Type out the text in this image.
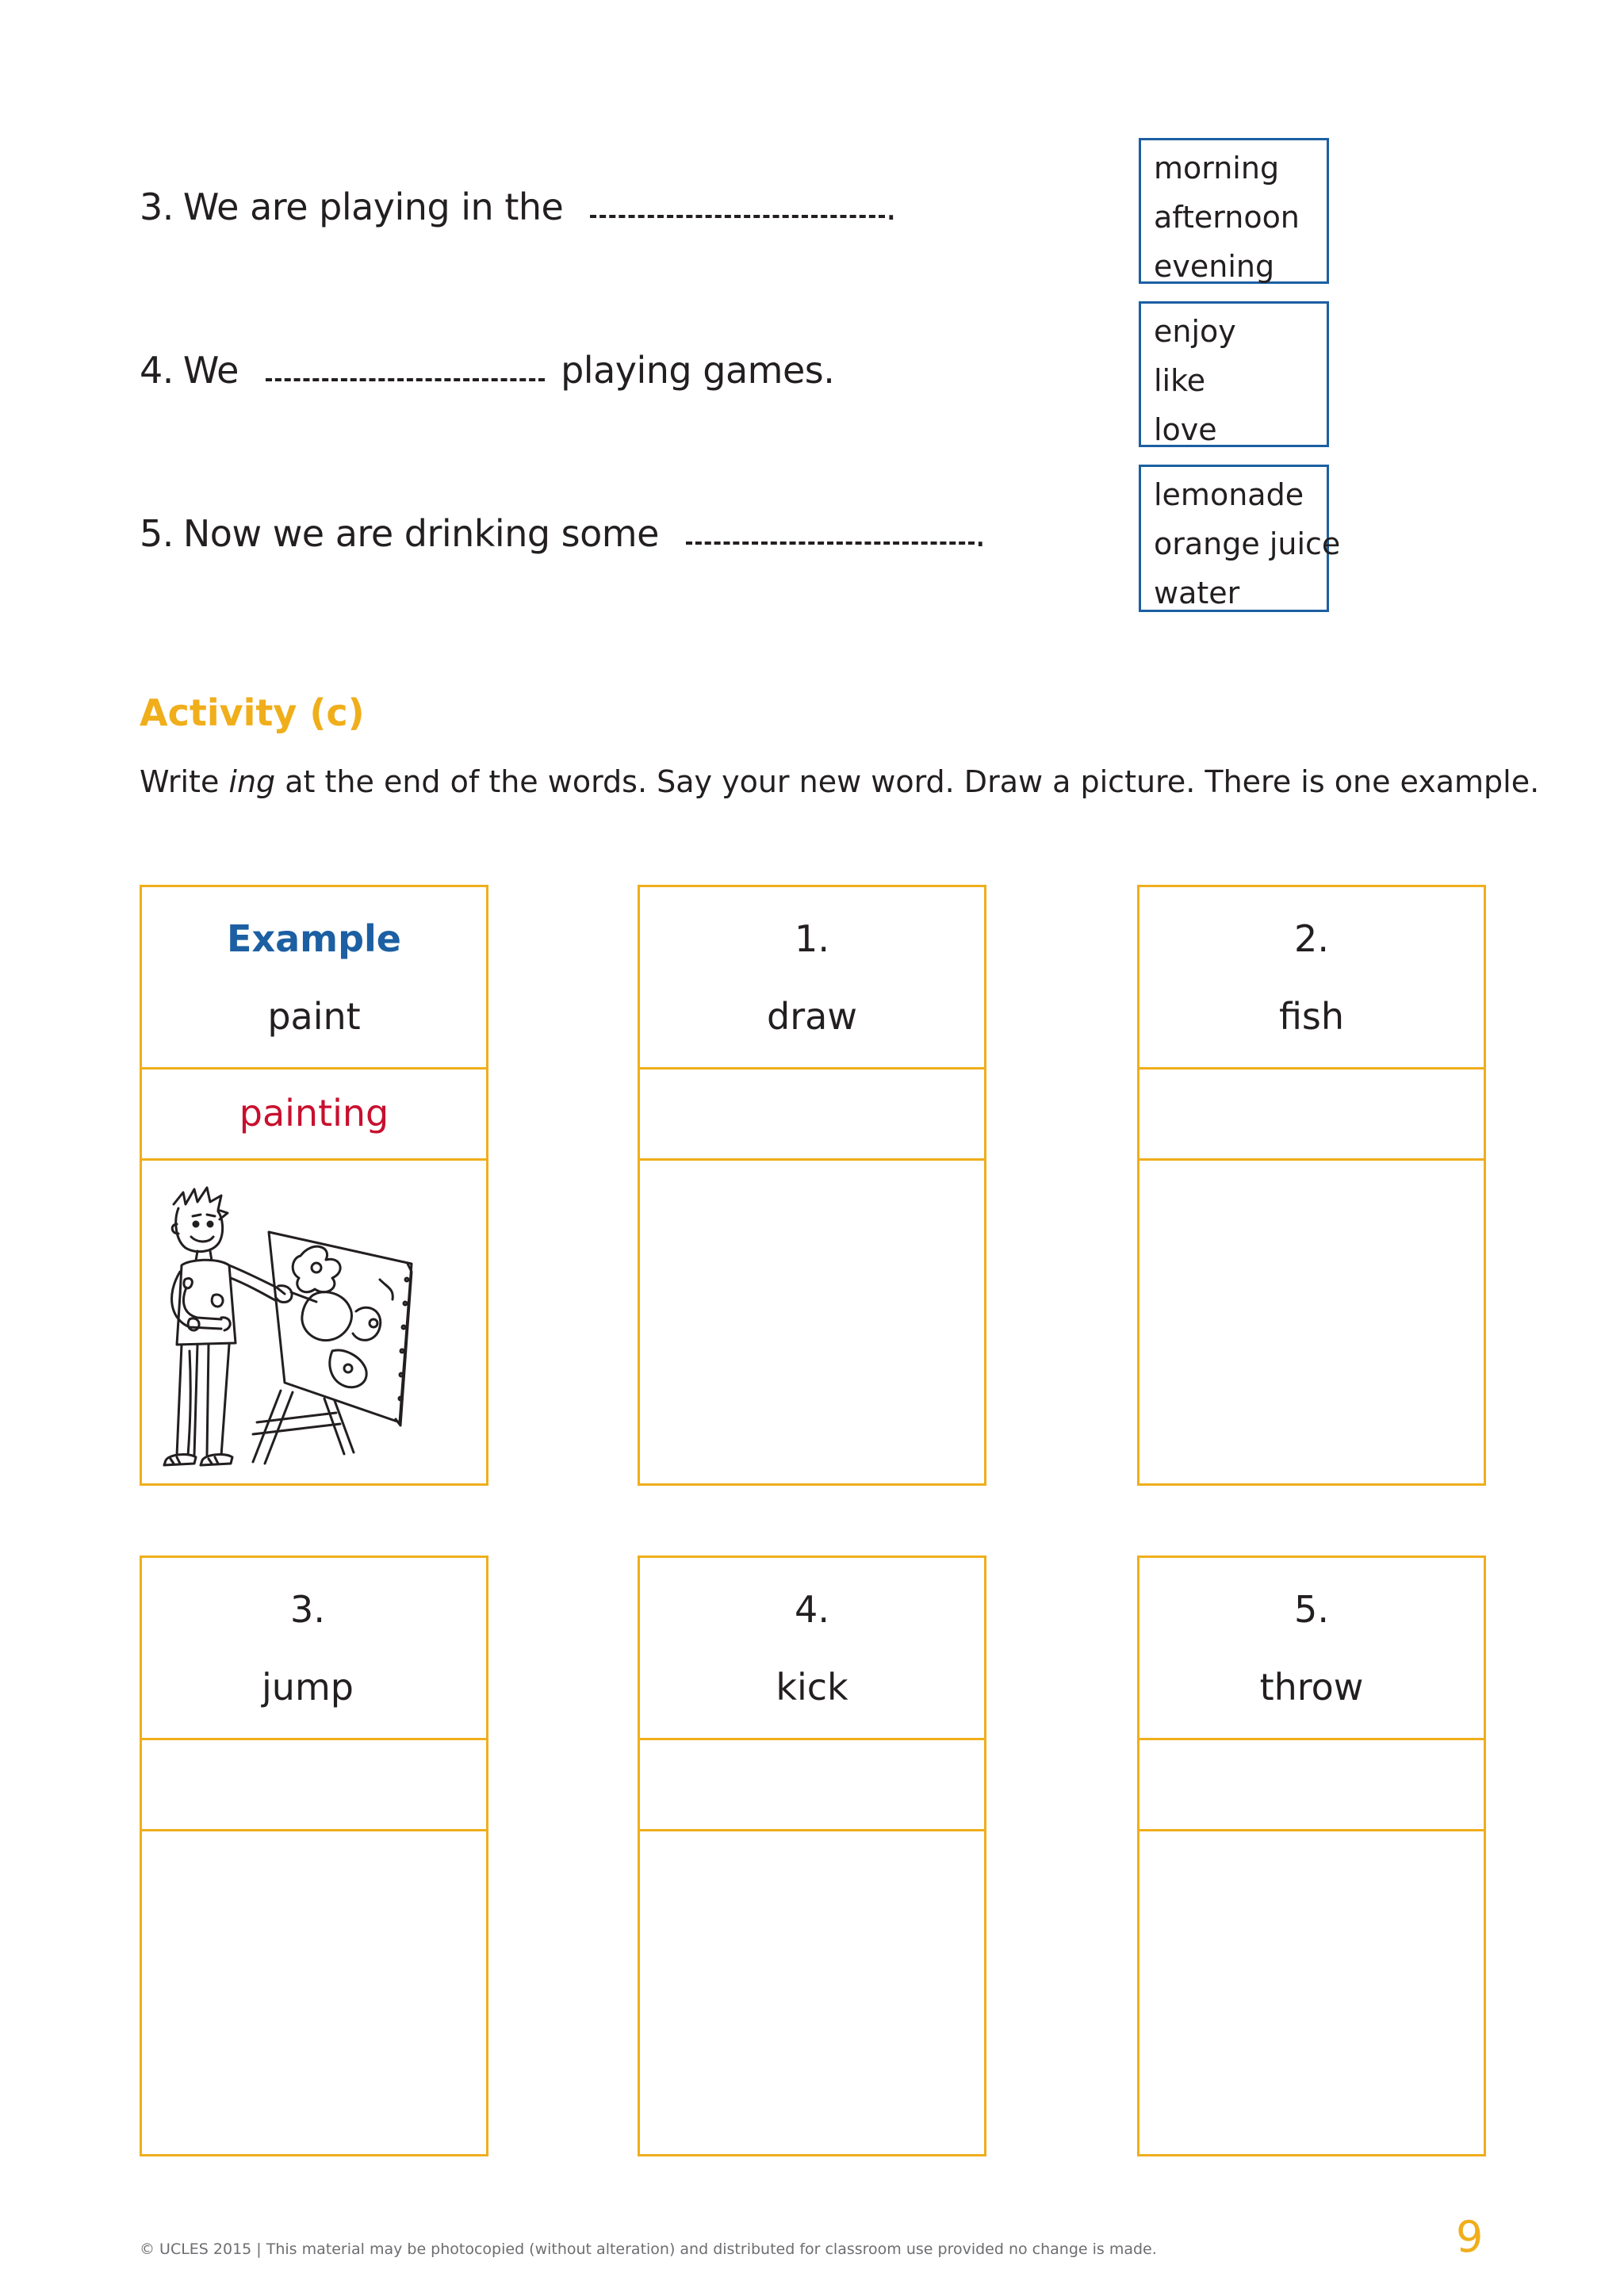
3. We are playing in the	.
morning
afternoon
evening
4. We	playing games.
enjoy
like
love
5. Now we are drinking some	.
lemonade
orange juice
water
Activity (c)
Write ing at the end of the words. Say your new word. Draw a picture. There is one example.
Example
paint
painting
1.
draw
2.
fish
3.
jump
4.
kick
5.
throw
© UCLES 2015 | This material may be photocopied (without alteration) and distributed for classroom use provided no change is made.	9
